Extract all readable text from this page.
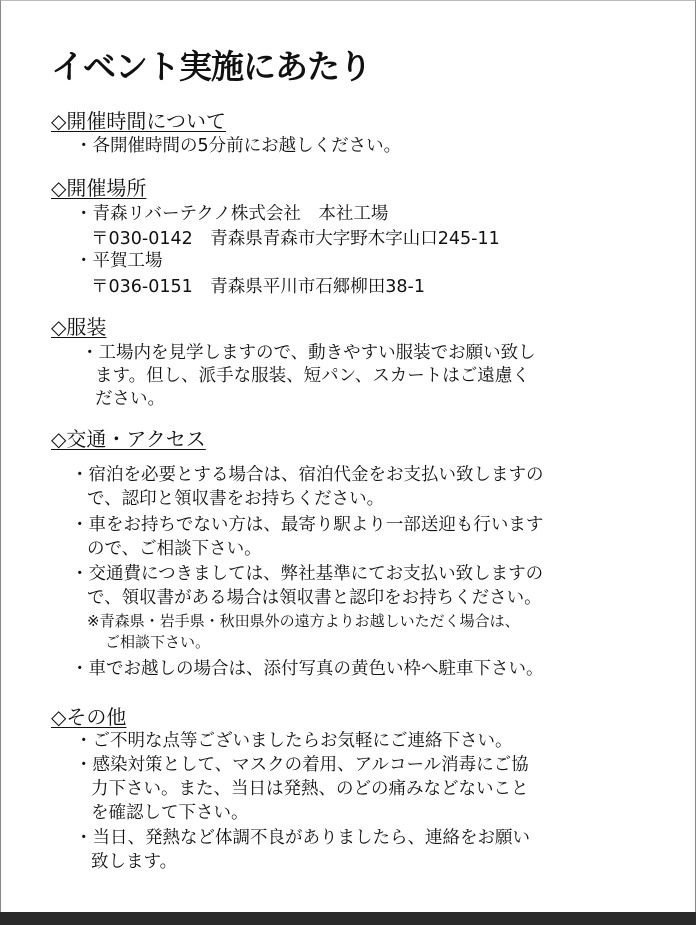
イベント実施にあたり
◇開催時間について
・各開催時間の5分前にお越しください。
◇開催場所
・青森リバーテクノ株式会社　本社工場
〒030-0142　青森県青森市大字野木字山口245-11
・平賀工場
〒036-0151　青森県平川市石郷柳田38-1
◇服装
・工場内を見学しますので、動きやすい服装でお願い致し
ます。但し、派手な服装、短パン、スカートはご遠慮く
ださい。
◇交通・アクセス
・宿泊を必要とする場合は、宿泊代金をお支払い致しますの
で、認印と領収書をお持ちください。
・車をお持ちでない方は、最寄り駅より一部送迎も行います
ので、ご相談下さい。
・交通費につきましては、弊社基準にてお支払い致しますの
で、領収書がある場合は領収書と認印をお持ちください。
※青森県・岩手県・秋田県外の遠方よりお越しいただく場合は、
ご相談下さい。
・車でお越しの場合は、添付写真の黄色い枠へ駐車下さい。
◇その他
・ご不明な点等ございましたらお気軽にご連絡下さい。
・感染対策として、マスクの着用、アルコール消毒にご協
力下さい。また、当日は発熱、のどの痛みなどないこと
を確認して下さい。
・当日、発熱など体調不良がありましたら、連絡をお願い
致します。
